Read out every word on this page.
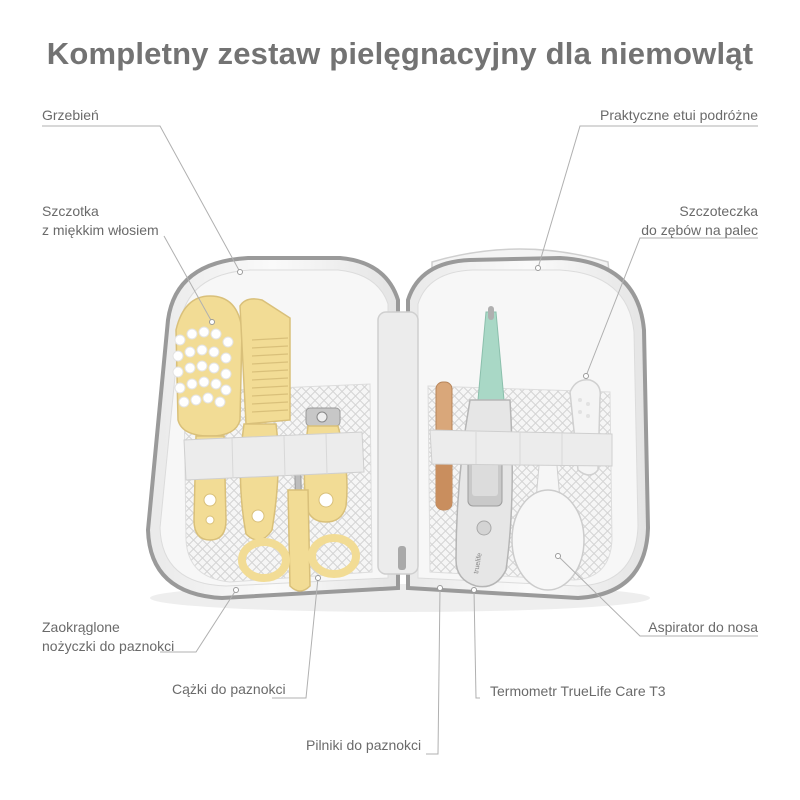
Kompletny zestaw pielęgnacyjny dla niemowląt
truelife
Grzebień
Szczotka
z miękkim włosiem
Praktyczne etui podróżne
Szczoteczka
do zębów na palec
Zaokrąglone
nożyczki do paznokci
Cążki do paznokci
Pilniki do paznokci
Aspirator do nosa
Termometr TrueLife Care T3
